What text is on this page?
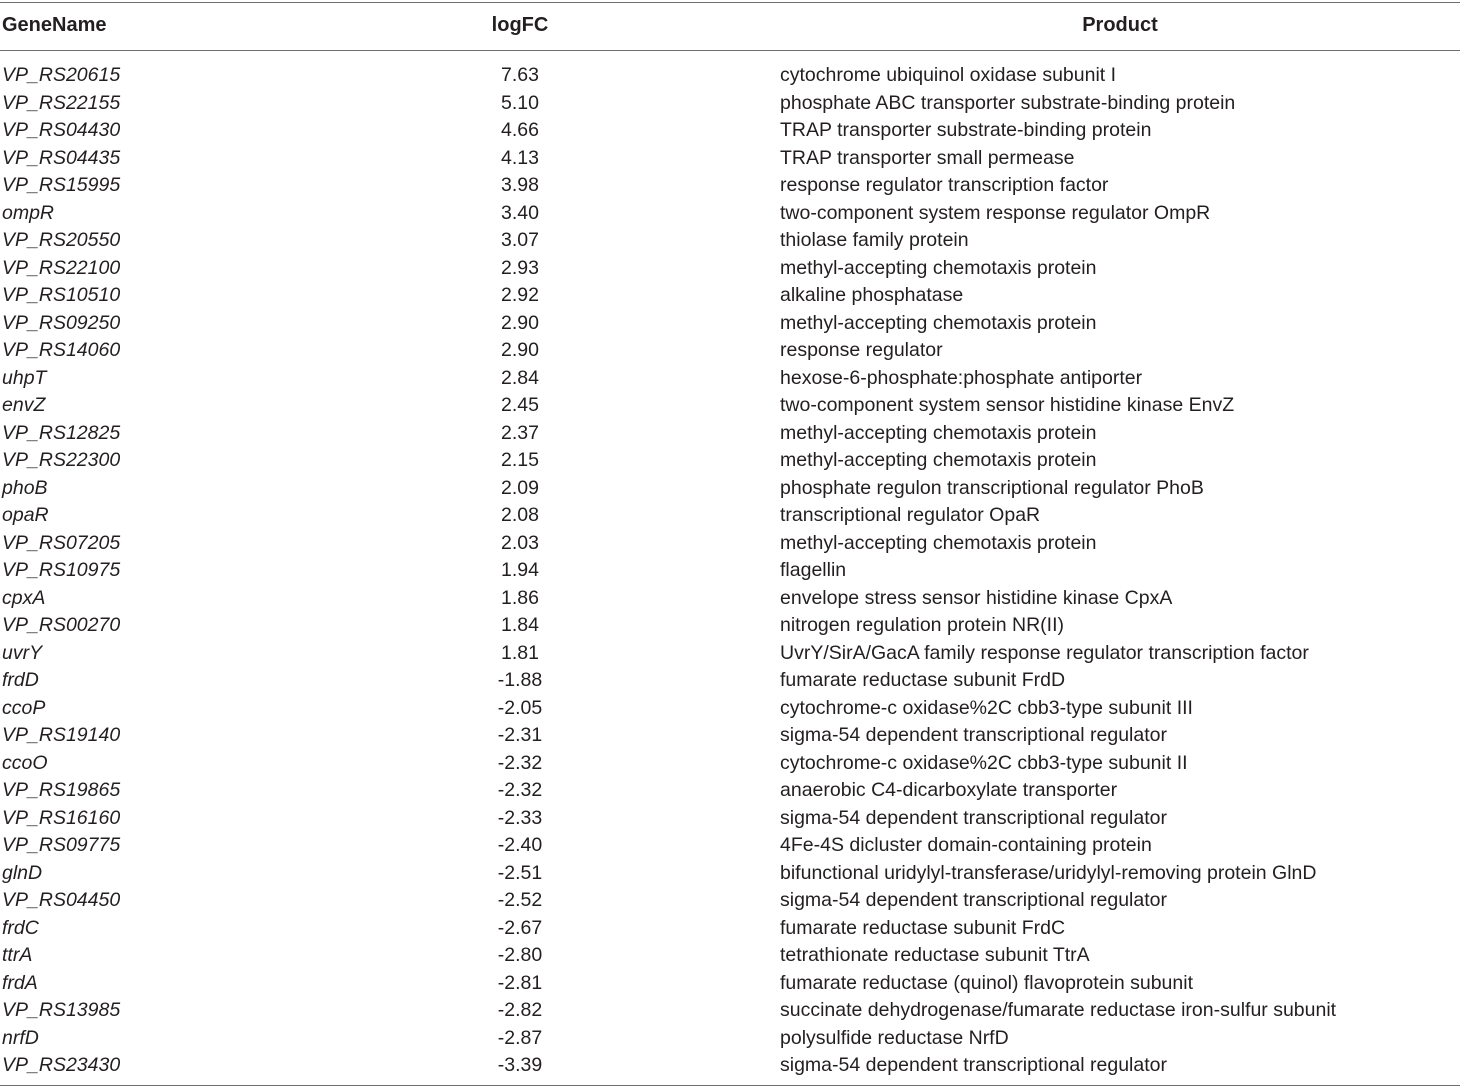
GeneName	logFC	Product
VP_RS20615	7.63	cytochrome ubiquinol oxidase subunit I
VP_RS22155	5.10	phosphate ABC transporter substrate-binding protein
VP_RS04430	4.66	TRAP transporter substrate-binding protein
VP_RS04435	4.13	TRAP transporter small permease
VP_RS15995	3.98	response regulator transcription factor
ompR	3.40	two-component system response regulator OmpR
VP_RS20550	3.07	thiolase family protein
VP_RS22100	2.93	methyl-accepting chemotaxis protein
VP_RS10510	2.92	alkaline phosphatase
VP_RS09250	2.90	methyl-accepting chemotaxis protein
VP_RS14060	2.90	response regulator
uhpT	2.84	hexose-6-phosphate:phosphate antiporter
envZ	2.45	two-component system sensor histidine kinase EnvZ
VP_RS12825	2.37	methyl-accepting chemotaxis protein
VP_RS22300	2.15	methyl-accepting chemotaxis protein
phoB	2.09	phosphate regulon transcriptional regulator PhoB
opaR	2.08	transcriptional regulator OpaR
VP_RS07205	2.03	methyl-accepting chemotaxis protein
VP_RS10975	1.94	flagellin
cpxA	1.86	envelope stress sensor histidine kinase CpxA
VP_RS00270	1.84	nitrogen regulation protein NR(II)
uvrY	1.81	UvrY/SirA/GacA family response regulator transcription factor
frdD	-1.88	fumarate reductase subunit FrdD
ccoP	-2.05	cytochrome-c oxidase%2C cbb3-type subunit III
VP_RS19140	-2.31	sigma-54 dependent transcriptional regulator
ccoO	-2.32	cytochrome-c oxidase%2C cbb3-type subunit II
VP_RS19865	-2.32	anaerobic C4-dicarboxylate transporter
VP_RS16160	-2.33	sigma-54 dependent transcriptional regulator
VP_RS09775	-2.40	4Fe-4S dicluster domain-containing protein
glnD	-2.51	bifunctional uridylyl-transferase/uridylyl-removing protein GlnD
VP_RS04450	-2.52	sigma-54 dependent transcriptional regulator
frdC	-2.67	fumarate reductase subunit FrdC
ttrA	-2.80	tetrathionate reductase subunit TtrA
frdA	-2.81	fumarate reductase (quinol) flavoprotein subunit
VP_RS13985	-2.82	succinate dehydrogenase/fumarate reductase iron-sulfur subunit
nrfD	-2.87	polysulfide reductase NrfD
VP_RS23430	-3.39	sigma-54 dependent transcriptional regulator
